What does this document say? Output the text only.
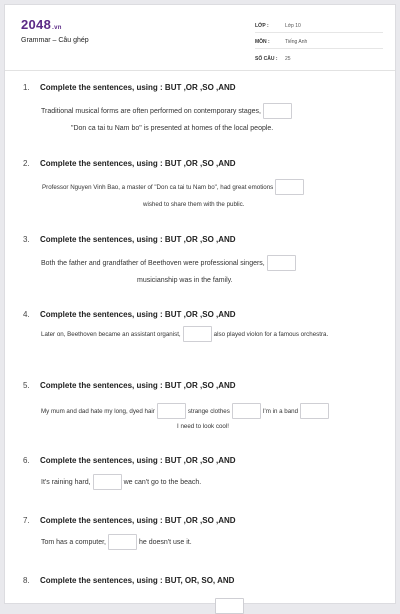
2048.vn
Grammar – Câu ghép
LỚP :	Lớp 10
MÔN :	Tiếng Anh
SỐ CÂU :	25
1.	Complete the sentences, using : BUT ,OR ,SO ,AND
Traditional musical forms are often performed on contemporary stages,
"Don ca tai tu Nam bo" is presented at homes of the local people.
2.	Complete the sentences, using : BUT ,OR ,SO ,AND
Professor Nguyen Vinh Bao, a master of "Don ca tai tu Nam bo", had great emotions
wished to share them with the public.
3.	Complete the sentences, using : BUT ,OR ,SO ,AND
Both the father and grandfather of Beethoven were professional singers,
musicianship was in the family.
4.	Complete the sentences, using : BUT ,OR ,SO ,AND
Later on, Beethoven became an assistant organist,	also played violon for a famous orchestra.
5.	Complete the sentences, using : BUT ,OR ,SO ,AND
My mum and dad hate my long, dyed hair	strange clothes	I'm in a band
I need to look cool!
6.	Complete the sentences, using : BUT ,OR ,SO ,AND
It's raining hard,	we can't go to the beach.
7.	Complete the sentences, using : BUT ,OR ,SO ,AND
Tom has a computer,	he doesn't use it.
8.	Complete the sentences, using : BUT, OR, SO, AND
